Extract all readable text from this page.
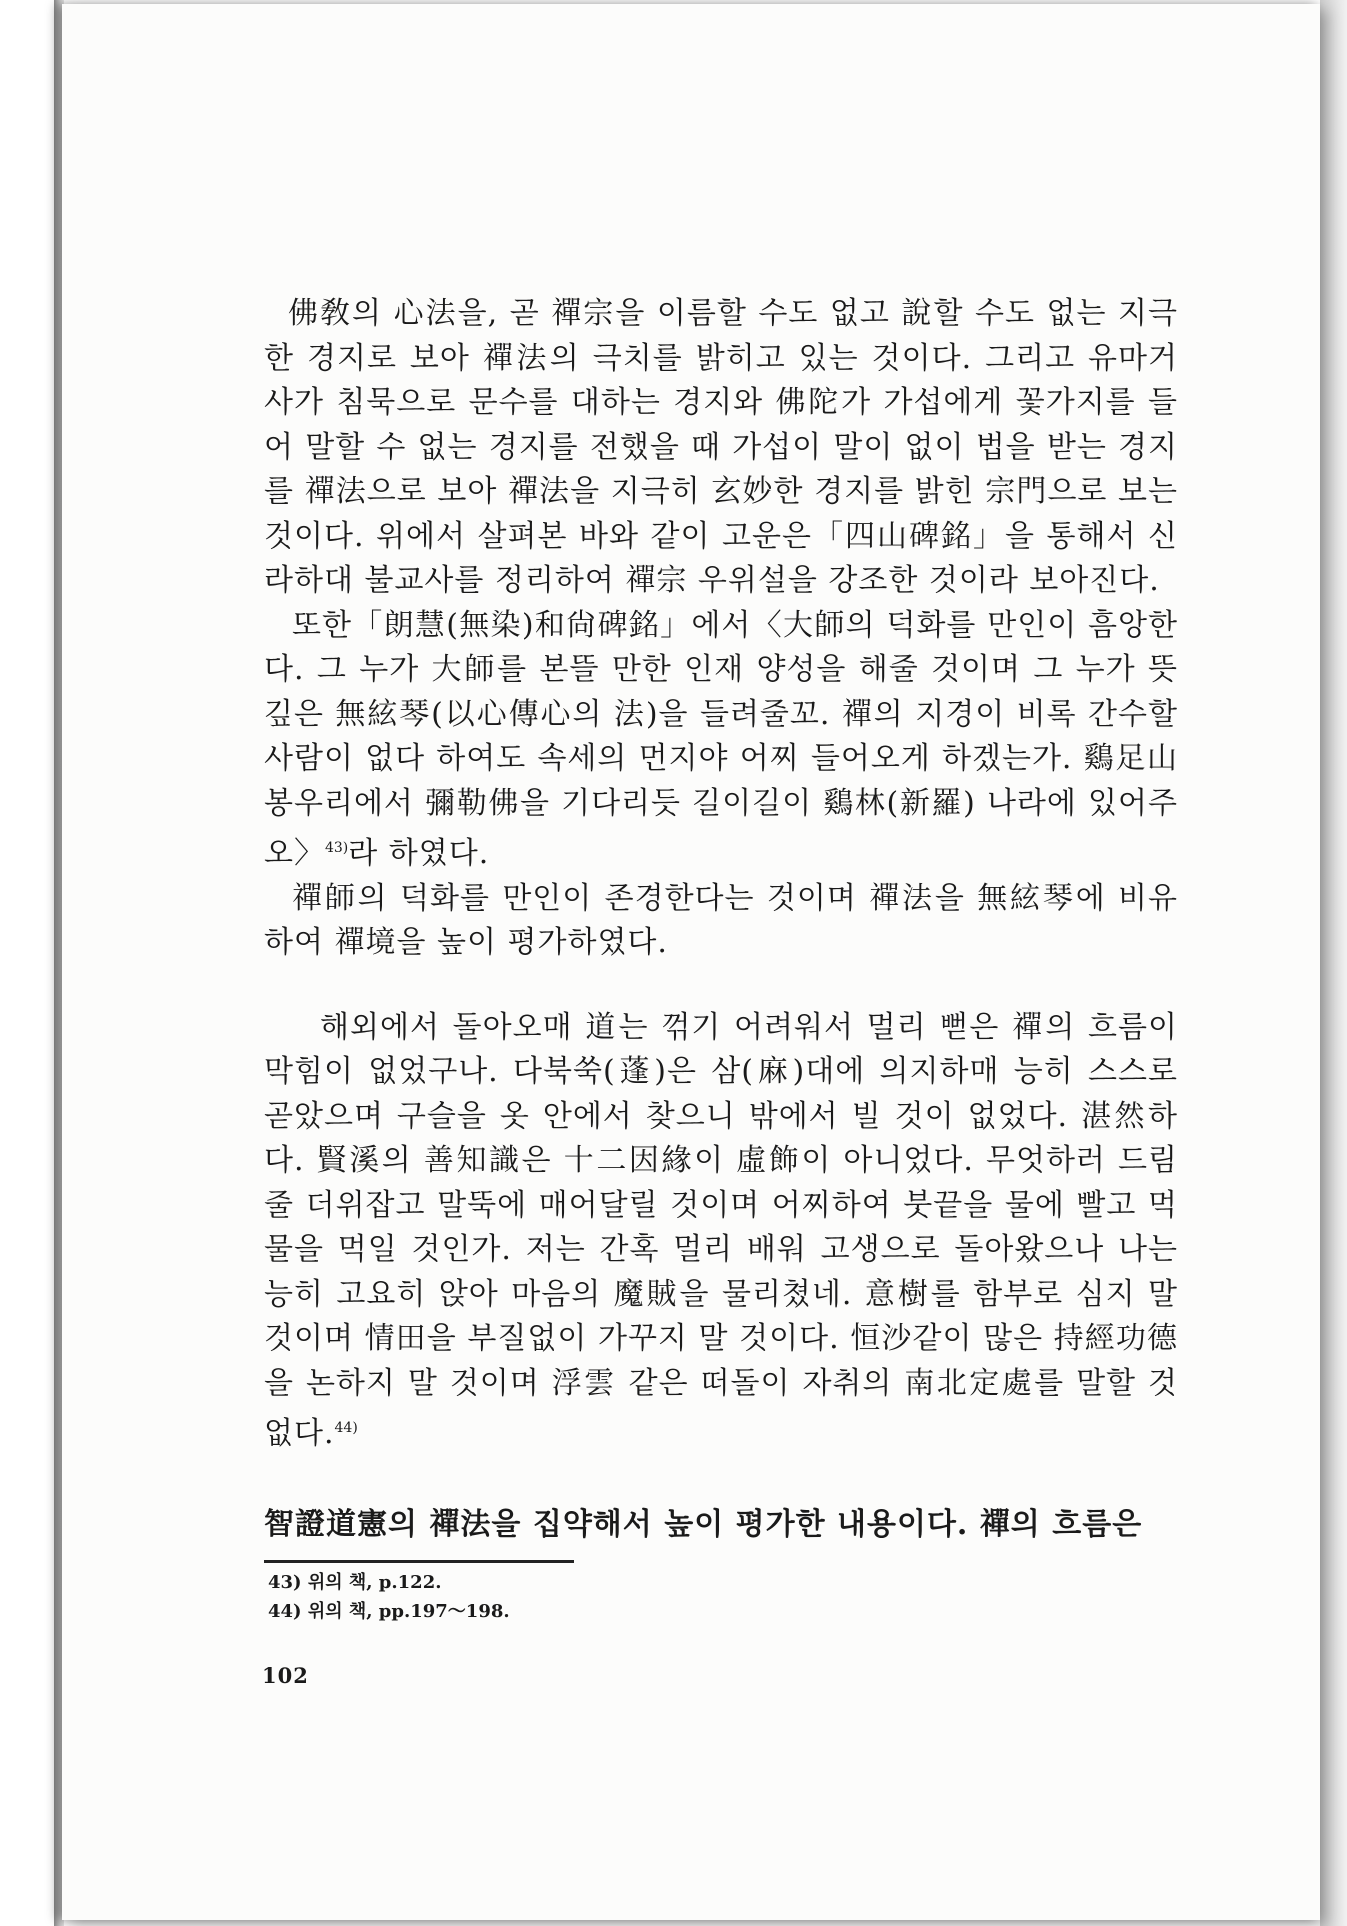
佛敎의 心法을, 곧 禪宗을 이름할 수도 없고 說할 수도 없는 지극한 경지로 보아 禪法의 극치를 밝히고 있는 것이다. 그리고 유마거사가 침묵으로 문수를 대하는 경지와 佛陀가 가섭에게 꽃가지를 들어 말할 수 없는 경지를 전했을 때 가섭이 말이 없이 법을 받는 경지를 禪法으로 보아 禪法을 지극히 玄妙한 경지를 밝힌 宗門으로 보는 것이다. 위에서 살펴본 바와 같이 고운은「四山碑銘」을 통해서 신라하대 불교사를 정리하여 禪宗 우위설을 강조한 것이라 보아진다.

또한「朗慧(無染)和尙碑銘」에서〈大師의 덕화를 만인이 흠앙한다. 그 누가 大師를 본뜰 만한 인재 양성을 해줄 것이며 그 누가 뜻 깊은 無絃琴(以心傳心의 法)을 들려줄꼬. 禪의 지경이 비록 간수할 사람이 없다 하여도 속세의 먼지야 어찌 들어오게 하겠는가. 鷄足山 봉우리에서 彌勒佛을 기다리듯 길이길이 鷄林(新羅) 나라에 있어주오〉$^{43)}$라 하였다.

禪師의 덕화를 만인이 존경한다는 것이며 禪法을 無絃琴에 비유하여 禪境을 높이 평가하였다.

해외에서 돌아오매 道는 꺾기 어려워서 멀리 뻗은 禪의 흐름이 막힘이 없었구나. 다북쑥(蓬)은 삼(麻)대에 의지하매 능히 스스로 곧았으며 구슬을 옷 안에서 찾으니 밖에서 빌 것이 없었다. 湛然하다. 賢溪의 善知識은 十二因緣이 虛飾이 아니었다. 무엇하러 드림줄 더위잡고 말뚝에 매어달릴 것이며 어찌하여 붓끝을 물에 빨고 먹물을 먹일 것인가. 저는 간혹 멀리 배워 고생으로 돌아왔으나 나는 능히 고요히 앉아 마음의 魔賊을 물리쳤네. 意樹를 함부로 심지 말 것이며 情田을 부질없이 가꾸지 말 것이다. 恒沙같이 많은 持經功德을 논하지 말 것이며 浮雲 같은 떠돌이 자취의 南北定處를 말할 것 없다.$^{44)}$

智證道憲의 禪法을 집약해서 높이 평가한 내용이다. 禪의 흐름은

43) 위의 책, p.122.

44) 위의 책, pp.197～198.

102
